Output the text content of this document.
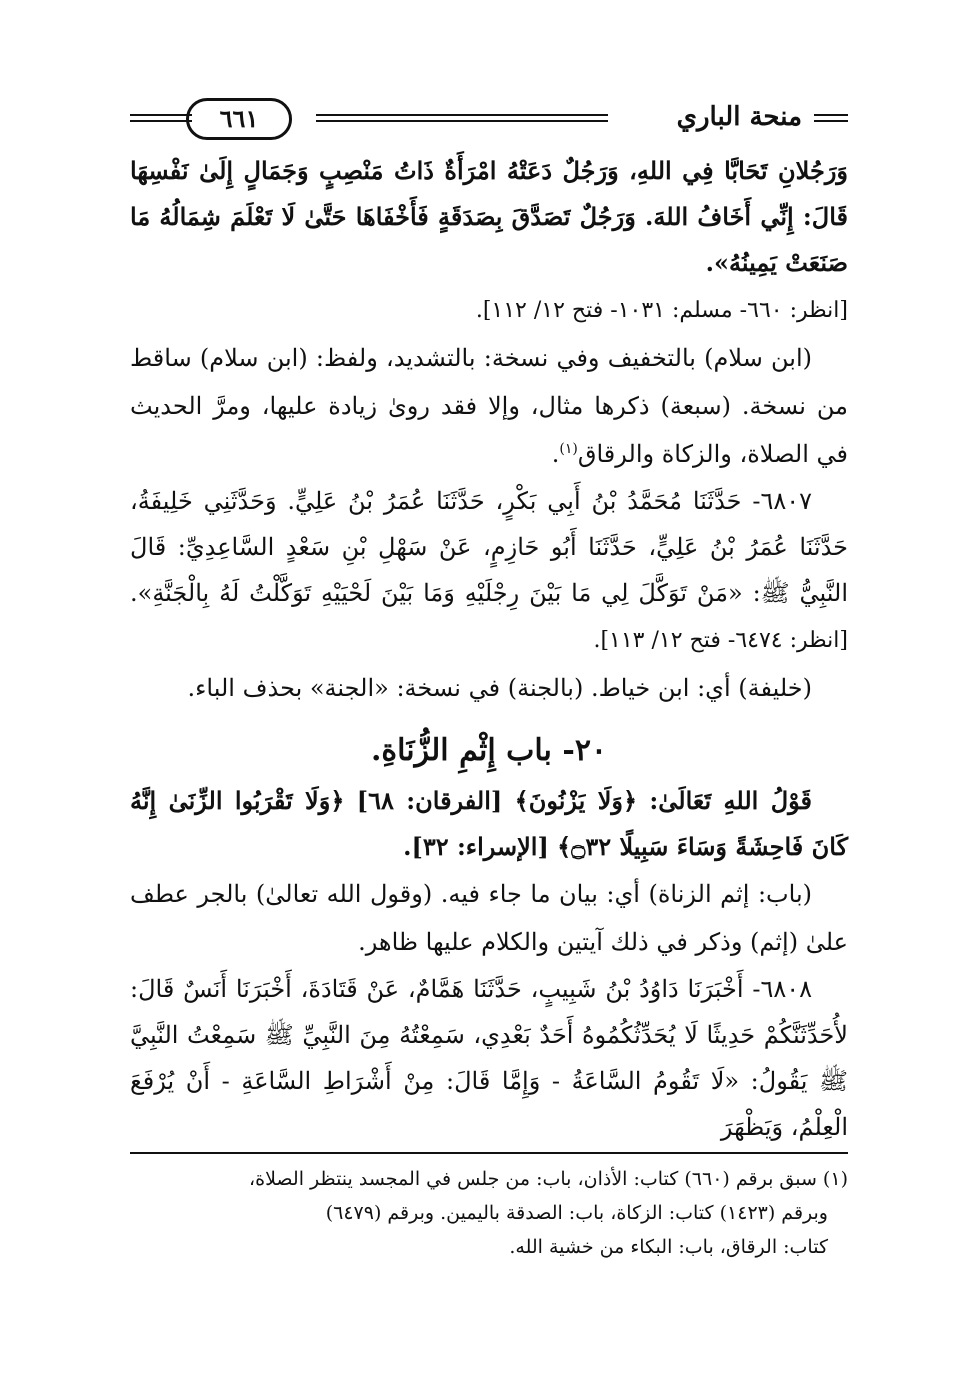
منحة الباري
٦٦١

وَرَجُلانِ تَحَابَّا فِي اللهِ، وَرَجُلٌ دَعَتْهُ امْرَأَةٌ ذَاتُ مَنْصِبٍ وَجَمَالٍ إِلَىٰ نَفْسِهَا قَالَ: إِنِّي أَخَافُ اللهَ. وَرَجُلٌ تَصَدَّقَ بِصَدَقَةٍ فَأَخْفَاهَا حَتَّىٰ لَا تَعْلَمَ شِمَالُهُ مَا صَنَعَتْ يَمِينُهُ».
[انظر: ٦٦٠- مسلم: ١٠٣١- فتح ١٢/ ١١٢].

(ابن سلام) بالتخفيف وفي نسخة: بالتشديد، ولفظ: (ابن سلام) ساقط من نسخة. (سبعة) ذكرها مثال، وإلا فقد روىٰ زيادة عليها، ومرَّ الحديث في الصلاة، والزكاة والرقاق$^{(١)}$.

٦٨٠٧- حَدَّثَنَا مُحَمَّدُ بْنُ أَبِي بَكْرٍ، حَدَّثَنَا عُمَرُ بْنُ عَلِيٍّ. وَحَدَّثَنِي خَلِيفَةُ، حَدَّثَنَا عُمَرُ بْنُ عَلِيٍّ، حَدَّثَنَا أَبُو حَازِمٍ، عَنْ سَهْلِ بْنِ سَعْدٍ السَّاعِدِيِّ: قَالَ النَّبِيُّ ﷺ: «مَنْ تَوَكَّلَ لِي مَا بَيْنَ رِجْلَيْهِ وَمَا بَيْنَ لَحْيَيْهِ تَوَكَّلْتُ لَهُ بِالْجَنَّةِ». [انظر: ٦٤٧٤- فتح ١٢/ ١١٣].

(خليفة) أي: ابن خياط. (بالجنة) في نسخة: «الجنة» بحذف الباء.

٢٠- باب إِثْمِ الزُّنَاةِ.

قَوْلُ اللهِ تَعَالَىٰ: ﴿وَلَا يَزْنُونَ﴾ [الفرقان: ٦٨] ﴿وَلَا تَقْرَبُوا الزِّنَىٰ إِنَّهُ كَانَ فَاحِشَةً وَسَاءَ سَبِيلًا ۝٣٢﴾ [الإسراء: ٣٢].

(باب: إثم الزناة) أي: بيان ما جاء فيه. (وقول الله تعالىٰ) بالجر عطف علىٰ (إثم) وذكر في ذلك آيتين والكلام عليها ظاهر.

٦٨٠٨- أَخْبَرَنَا دَاوُدُ بْنُ شَبِيبٍ، حَدَّثَنَا هَمَّامٌ، عَنْ قَتَادَةَ، أَخْبَرَنَا أَنَسٌ قَالَ: لأُحَدِّثَنَّكُمْ حَدِيثًا لَا يُحَدِّثُكُمُوهُ أَحَدٌ بَعْدِي، سَمِعْتُهُ مِنَ النَّبِيِّ ﷺ سَمِعْتُ النَّبِيَّ ﷺ يَقُولُ: «لَا تَقُومُ السَّاعَةُ - وَإِمَّا قَالَ: مِنْ أَشْرَاطِ السَّاعَةِ - أَنْ يُرْفَعَ الْعِلْمُ، وَيَظْهَرَ

(١) سبق برقم (٦٦٠) كتاب: الأذان، باب: من جلس في المجسد ينتظر الصلاة،

وبرقم (١٤٢٣) كتاب: الزكاة، باب: الصدقة باليمين. وبرقم (٦٤٧٩)

كتاب: الرقاق، باب: البكاء من خشية الله.
